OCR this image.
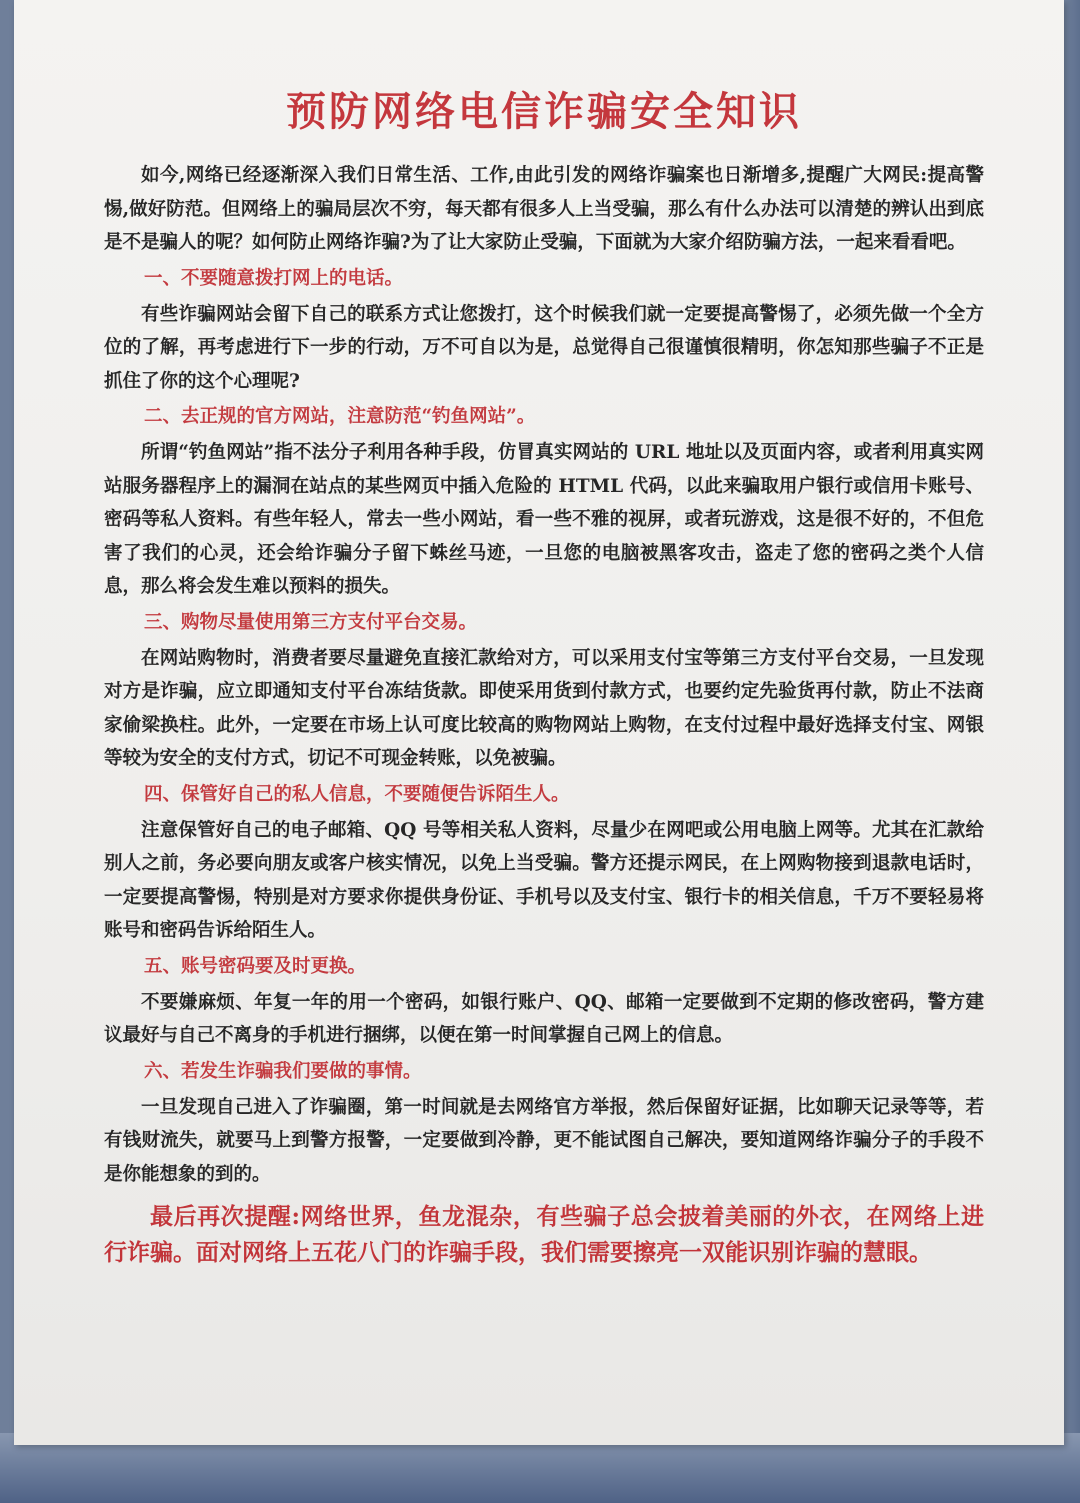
预防网络电信诈骗安全知识

如今,网络已经逐渐深入我们日常生活、工作,由此引发的网络诈骗案也日渐增多,提醒广大网民:提高警惕,做好防范。但网络上的骗局层次不穷，每天都有很多人上当受骗，那么有什么办法可以清楚的辨认出到底是不是骗人的呢？如何防止网络诈骗?为了让大家防止受骗，下面就为大家介绍防骗方法，一起来看看吧。

一、不要随意拨打网上的电话。

有些诈骗网站会留下自己的联系方式让您拨打，这个时候我们就一定要提高警惕了，必须先做一个全方位的了解，再考虑进行下一步的行动，万不可自以为是，总觉得自己很谨慎很精明，你怎知那些骗子不正是抓住了你的这个心理呢?

二、去正规的官方网站，注意防范“钓鱼网站”。

所谓“钓鱼网站”指不法分子利用各种手段，仿冒真实网站的 URL 地址以及页面内容，或者利用真实网站服务器程序上的漏洞在站点的某些网页中插入危险的 HTML 代码，以此来骗取用户银行或信用卡账号、密码等私人资料。有些年轻人，常去一些小网站，看一些不雅的视屏，或者玩游戏，这是很不好的，不但危害了我们的心灵，还会给诈骗分子留下蛛丝马迹，一旦您的电脑被黑客攻击，盗走了您的密码之类个人信息，那么将会发生难以预料的损失。

三、购物尽量使用第三方支付平台交易。

在网站购物时，消费者要尽量避免直接汇款给对方，可以采用支付宝等第三方支付平台交易，一旦发现对方是诈骗，应立即通知支付平台冻结货款。即使采用货到付款方式，也要约定先验货再付款，防止不法商家偷梁换柱。此外，一定要在市场上认可度比较高的购物网站上购物，在支付过程中最好选择支付宝、网银等较为安全的支付方式，切记不可现金转账，以免被骗。

四、保管好自己的私人信息，不要随便告诉陌生人。

注意保管好自己的电子邮箱、QQ 号等相关私人资料，尽量少在网吧或公用电脑上网等。尤其在汇款给别人之前，务必要向朋友或客户核实情况，以免上当受骗。警方还提示网民，在上网购物接到退款电话时，一定要提高警惕，特别是对方要求你提供身份证、手机号以及支付宝、银行卡的相关信息，千万不要轻易将账号和密码告诉给陌生人。

五、账号密码要及时更换。

不要嫌麻烦、年复一年的用一个密码，如银行账户、QQ、邮箱一定要做到不定期的修改密码，警方建议最好与自己不离身的手机进行捆绑，以便在第一时间掌握自己网上的信息。

六、若发生诈骗我们要做的事情。

一旦发现自己进入了诈骗圈，第一时间就是去网络官方举报，然后保留好证据，比如聊天记录等等，若有钱财流失，就要马上到警方报警，一定要做到冷静，更不能试图自己解决，要知道网络诈骗分子的手段不是你能想象的到的。

最后再次提醒:网络世界，鱼龙混杂，有些骗子总会披着美丽的外衣，在网络上进行诈骗。面对网络上五花八门的诈骗手段，我们需要擦亮一双能识别诈骗的慧眼。
